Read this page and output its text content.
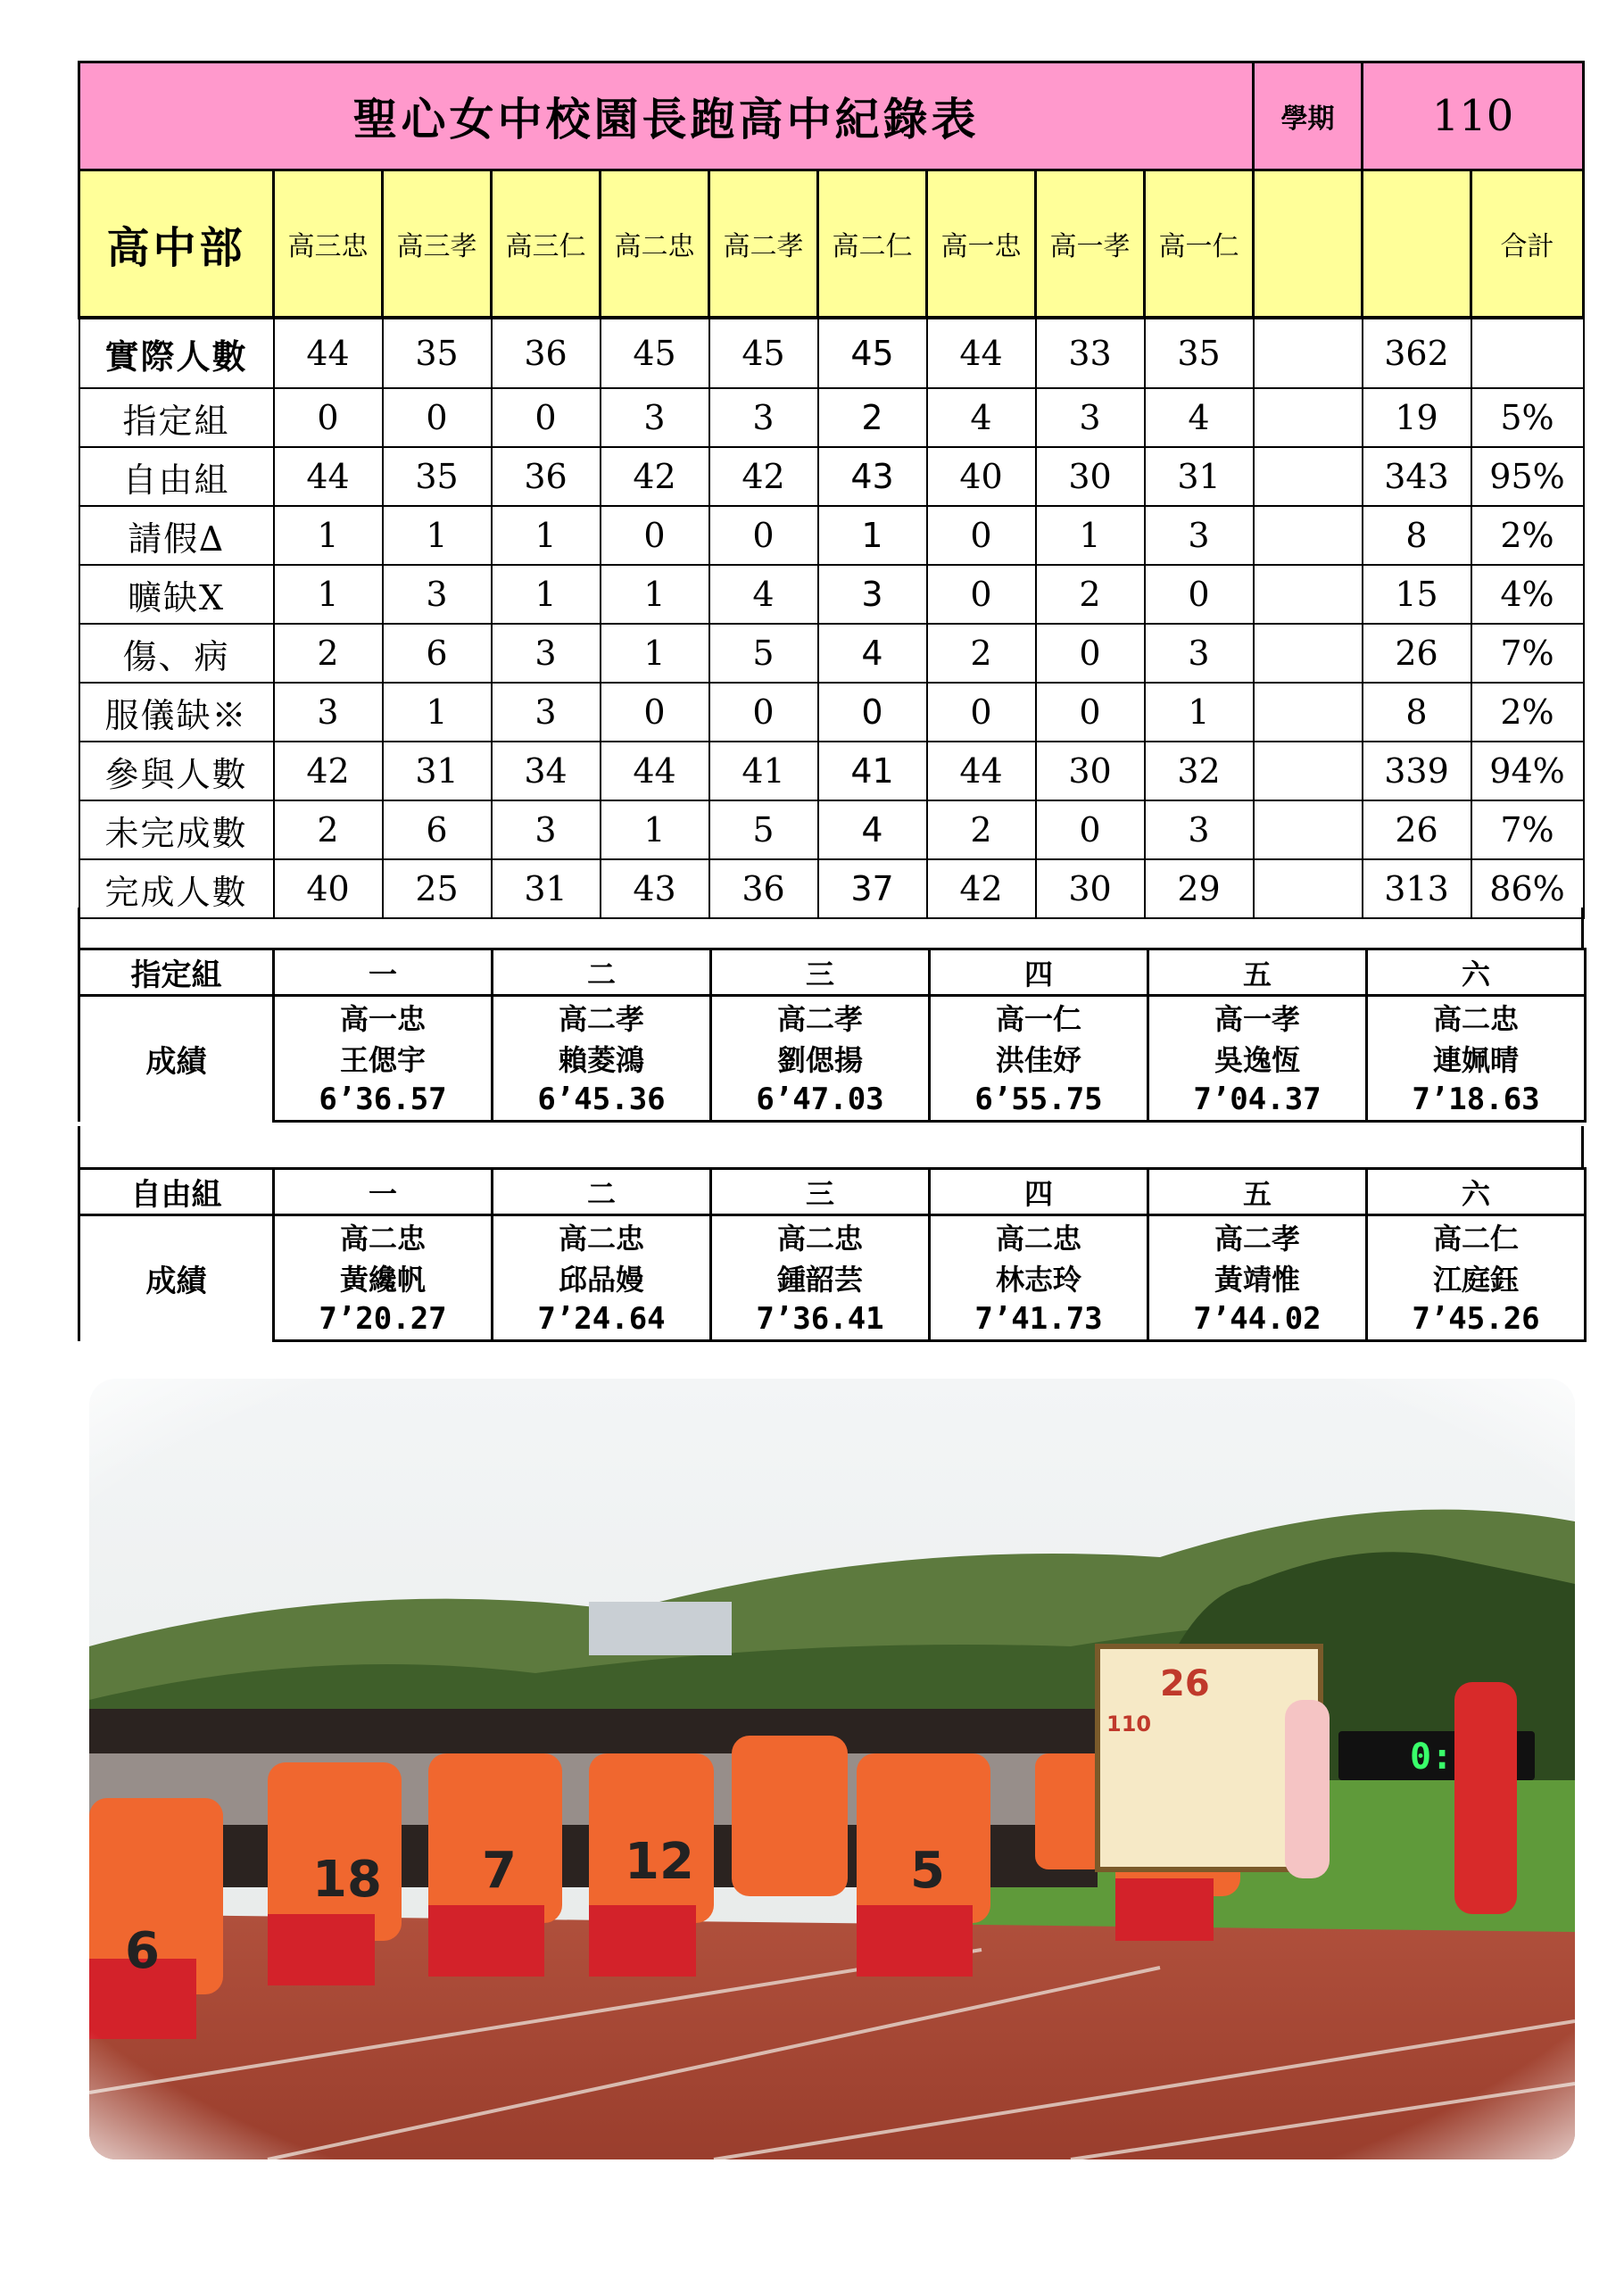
聖心女中校園長跑高中紀錄表										學期	110	
高中部	高三忠	高三孝	高三仁	高二忠	高二孝	高二仁	高一忠	高一孝	高一仁			合計
實際人數	44	35	36	45	45	45	44	33	35		362	
指定組	0	0	0	3	3	2	4	3	4		19	5%
自由組	44	35	36	42	42	43	40	30	31		343	95%
請假∆	1	1	1	0	0	1	0	1	3		8	2%
曠缺X	1	3	1	1	4	3	0	2	0		15	4%
傷、病	2	6	3	1	5	4	2	0	3		26	7%
服儀缺※	3	1	3	0	0	0	0	0	1		8	2%
參與人數	42	31	34	44	41	41	44	30	32		339	94%
未完成數	2	6	3	1	5	4	2	0	3		26	7%
完成人數	40	25	31	43	36	37	42	30	29		313	86%
指定組	一	二	三	四	五	六
成績	高一忠	高二孝	高二孝	高一仁	高一孝	高二忠
	王偲宇	賴菱鴻	劉偲揚	洪佳妤	吳逸恆	連姵晴
	6’36.57	6’45.36	6’47.03	6’55.75	7’04.37	7’18.63
自由組	一	二	三	四	五	六
成績	高二忠	高二忠	高二忠	高二忠	高二孝	高二仁
	黃纔帆	邱品嫚	鍾韶芸	林志玲	黃靖惟	江庭鈺
	7’20.27	7’24.64	7’36.41	7’41.73	7’44.02	7’45.26
